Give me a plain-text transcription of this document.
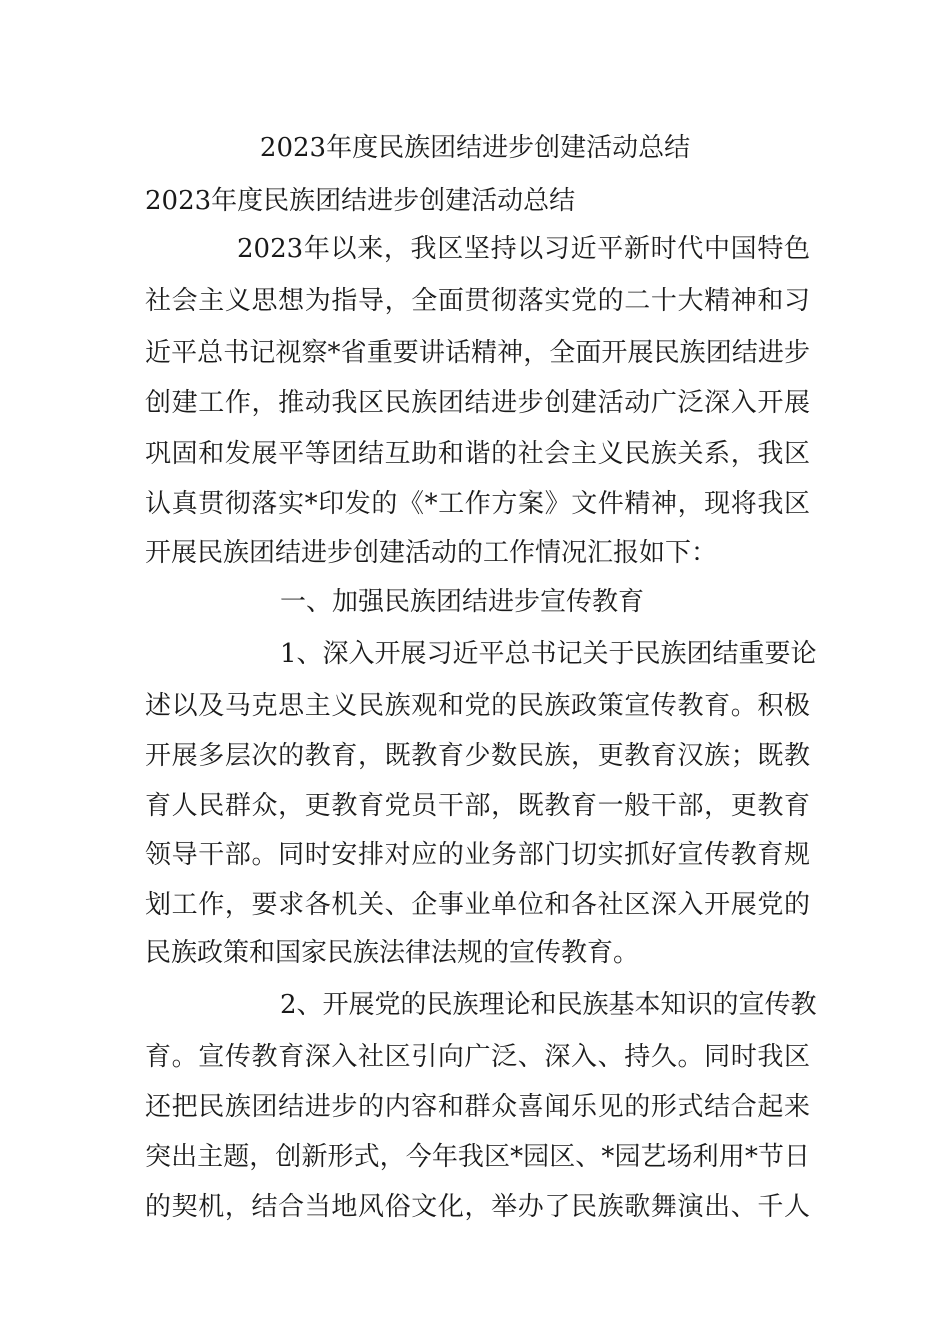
2023年度民族团结进步创建活动总结
2023年度民族团结进步创建活动总结
2023年以来，我区坚持以习近平新时代中国特色
社会主义思想为指导，全面贯彻落实党的二十大精神和习
近平总书记视察*省重要讲话精神，全面开展民族团结进步
创建工作，推动我区民族团结进步创建活动广泛深入开展
巩固和发展平等团结互助和谐的社会主义民族关系，我区
认真贯彻落实*印发的《*工作方案》文件精神，现将我区
开展民族团结进步创建活动的工作情况汇报如下：
一、加强民族团结进步宣传教育
1、深入开展习近平总书记关于民族团结重要论
述以及马克思主义民族观和党的民族政策宣传教育。积极
开展多层次的教育，既教育少数民族，更教育汉族；既教
育人民群众，更教育党员干部，既教育一般干部，更教育
领导干部。同时安排对应的业务部门切实抓好宣传教育规
划工作，要求各机关、企事业单位和各社区深入开展党的
民族政策和国家民族法律法规的宣传教育。
2、开展党的民族理论和民族基本知识的宣传教
育。宣传教育深入社区引向广泛、深入、持久。同时我区
还把民族团结进步的内容和群众喜闻乐见的形式结合起来
突出主题，创新形式，今年我区*园区、*园艺场利用*节日
的契机，结合当地风俗文化，举办了民族歌舞演出、千人
